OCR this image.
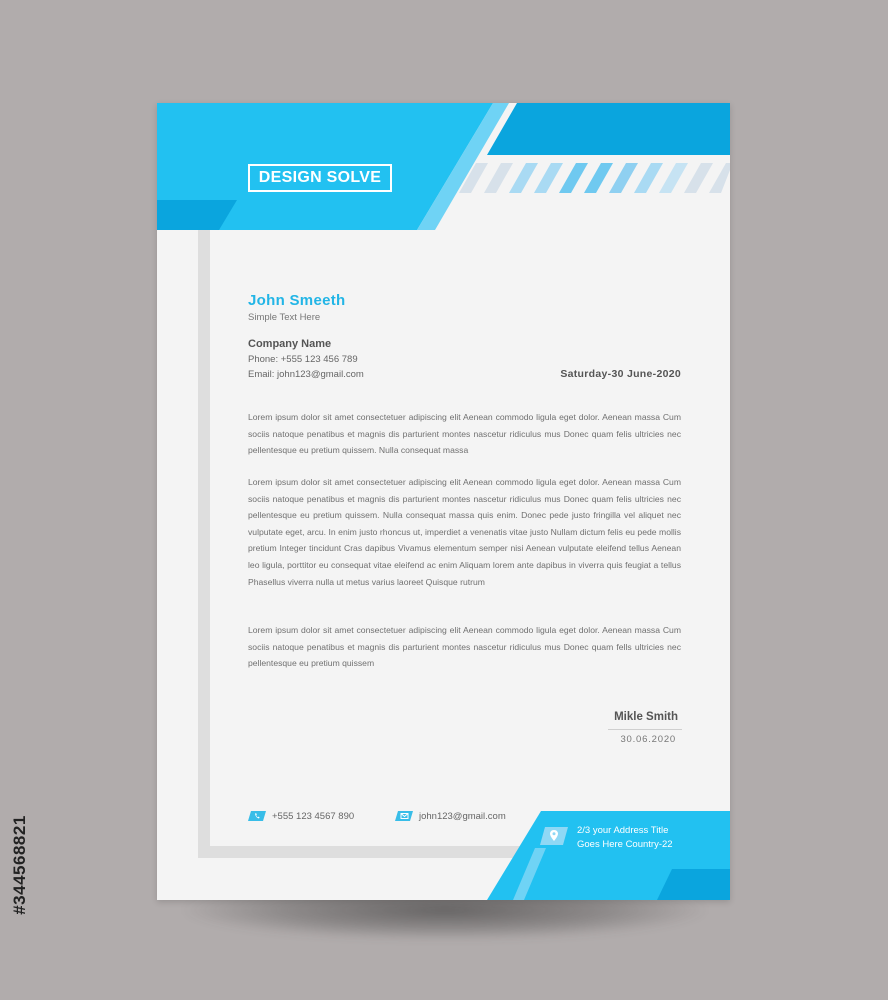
#344568821
DESIGN SOLVE
John Smeeth
Simple Text Here
Company Name
Phone: +555 123 456 789
Email: john123@gmail.com	Saturday-30 June-2020

Lorem ipsum dolor sit amet consectetuer adipiscing elit Aenean commodo ligula eget dolor. Aenean massa Cum sociis natoque penatibus et magnis dis parturient montes nascetur ridiculus mus Donec quam felis ultricies nec pellentesque eu pretium quissem. Nulla consequat massa

Lorem ipsum dolor sit amet consectetuer adipiscing elit Aenean commodo ligula eget dolor. Aenean massa Cum sociis natoque penatibus et magnis dis parturient montes nascetur ridiculus mus Donec quam felis ultricies nec pellentesque eu pretium quissem. Nulla consequat massa quis enim. Donec pede justo fringilla vel aliquet nec vulputate eget, arcu. In enim justo rhoncus ut, imperdiet a venenatis vitae justo Nullam dictum felis eu pede mollis pretium Integer tincidunt Cras dapibus Vivamus elementum semper nisi Aenean vulputate eleifend tellus Aenean leo ligula, porttitor eu consequat vitae eleifend ac enim Aliquam lorem ante dapibus in viverra quis feugiat a tellus Phasellus viverra nulla ut metus varius laoreet Quisque rutrum

Lorem ipsum dolor sit amet consectetuer adipiscing elit Aenean commodo ligula eget dolor. Aenean massa Cum sociis natoque penatibus et magnis dis parturient montes nascetur ridiculus mus Donec quam fells ultricies nec pellentesque eu pretium quissem

Mikle Smith
30.06.2020
+555 123 4567 890	john123@gmail.com
2/3 your Address Title
Goes Here Country-22
